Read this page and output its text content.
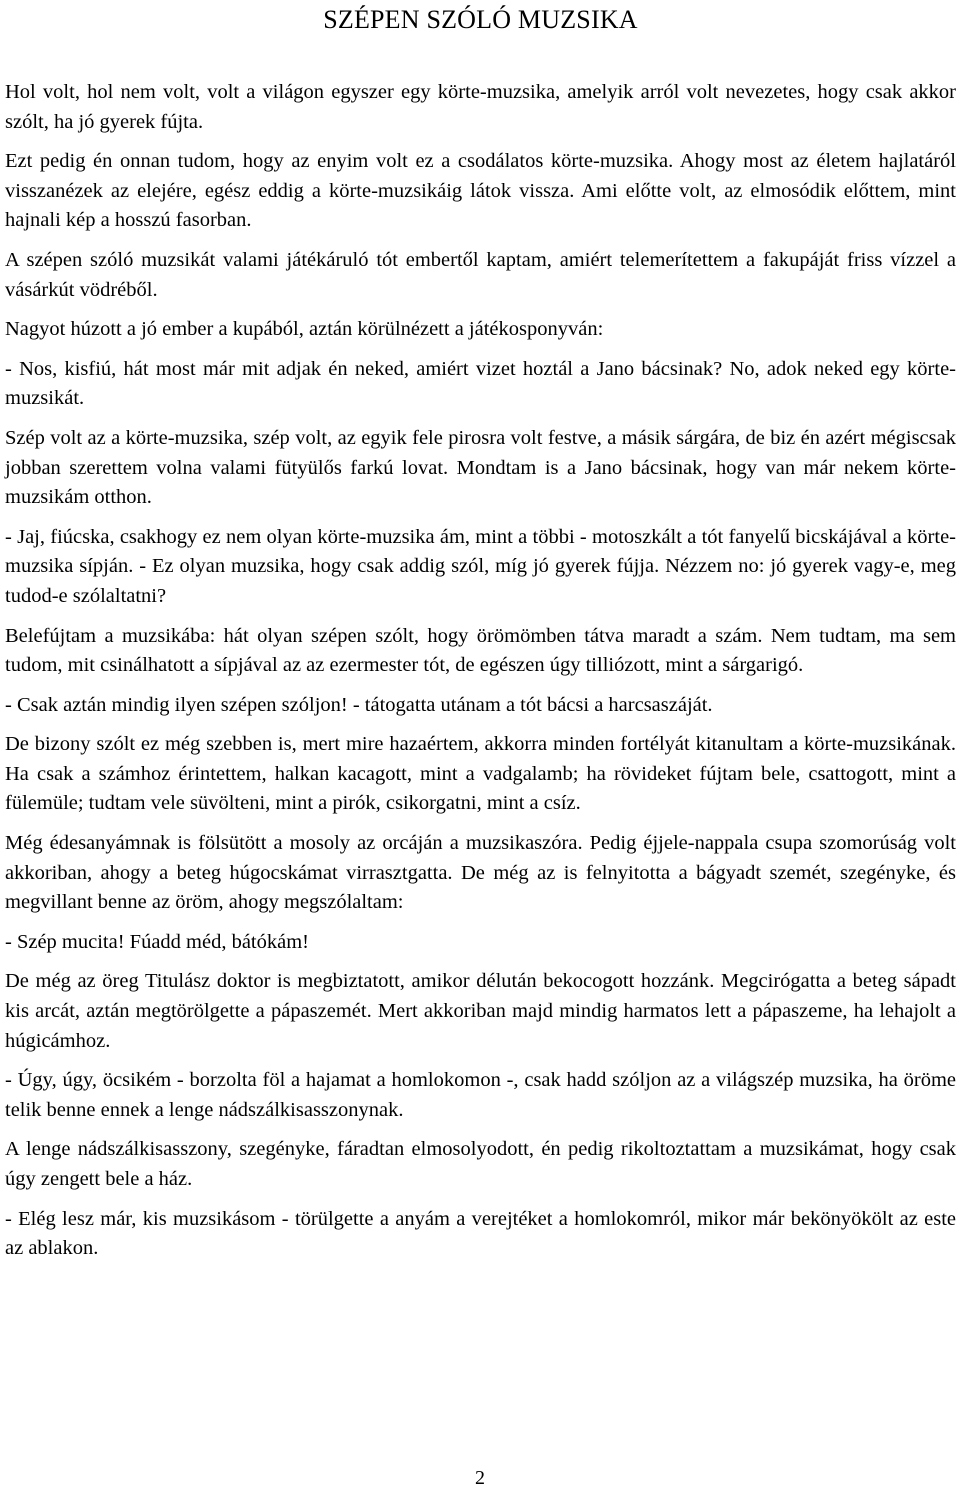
SZÉPEN SZÓLÓ MUZSIKA

Hol volt, hol nem volt, volt a világon egyszer egy körte-muzsika, amelyik arról volt nevezetes, hogy csak akkor szólt, ha jó gyerek fújta.

Ezt pedig én onnan tudom, hogy az enyim volt ez a csodálatos körte-muzsika. Ahogy most az életem hajlatáról visszanézek az elejére, egész eddig a körte-muzsikáig látok vissza. Ami előtte volt, az elmosódik előttem, mint hajnali kép a hosszú fasorban.

A szépen szóló muzsikát valami játékáruló tót embertől kaptam, amiért telemerítettem a fakupáját friss vízzel a vásárkút vödréből.

Nagyot húzott a jó ember a kupából, aztán körülnézett a játékosponyván:

- Nos, kisfiú, hát most már mit adjak én neked, amiért vizet hoztál a Jano bácsinak? No, adok neked egy körte-muzsikát.

Szép volt az a körte-muzsika, szép volt, az egyik fele pirosra volt festve, a másik sárgára, de biz én azért mégiscsak jobban szerettem volna valami fütyülős farkú lovat. Mondtam is a Jano bácsinak, hogy van már nekem körte-muzsikám otthon.

- Jaj, fiúcska, csakhogy ez nem olyan körte-muzsika ám, mint a többi - motoszkált a tót fanyelű bicskájával a körte-muzsika sípján. - Ez olyan muzsika, hogy csak addig szól, míg jó gyerek fújja. Nézzem no: jó gyerek vagy-e, meg tudod-e szólaltatni?

Belefújtam a muzsikába: hát olyan szépen szólt, hogy örömömben tátva maradt a szám. Nem tudtam, ma sem tudom, mit csinálhatott a sípjával az az ezermester tót, de egészen úgy tilliózott, mint a sárgarigó.

- Csak aztán mindig ilyen szépen szóljon! - tátogatta utánam a tót bácsi a harcsaszáját.

De bizony szólt ez még szebben is, mert mire hazaértem, akkorra minden fortélyát kitanultam a körte-muzsikának. Ha csak a számhoz érintettem, halkan kacagott, mint a vadgalamb; ha rövideket fújtam bele, csattogott, mint a fülemüle; tudtam vele süvölteni, mint a pirók, csikorgatni, mint a csíz.

Még édesanyámnak is fölsütött a mosoly az orcáján a muzsikaszóra. Pedig éjjele-nappala csupa szomorúság volt akkoriban, ahogy a beteg húgocskámat virrasztgatta. De még az is felnyitotta a bágyadt szemét, szegényke, és megvillant benne az öröm, ahogy megszólaltam:

- Szép mucita! Fúadd méd, bátókám!

De még az öreg Titulász doktor is megbiztatott, amikor délután bekocogott hozzánk. Megcirógatta a beteg sápadt kis arcát, aztán megtörölgette a pápaszemét. Mert akkoriban majd mindig harmatos lett a pápaszeme, ha lehajolt a húgicámhoz.

- Úgy, úgy, öcsikém - borzolta föl a hajamat a homlokomon -, csak hadd szóljon az a világszép muzsika, ha öröme telik benne ennek a lenge nádszálkisasszonynak.

A lenge nádszálkisasszony, szegényke, fáradtan elmosolyodott, én pedig rikoltoztattam a muzsikámat, hogy csak úgy zengett bele a ház.

- Elég lesz már, kis muzsikásom - törülgette a anyám a verejtéket a homlokomról, mikor már bekönyökölt az este az ablakon.

2
